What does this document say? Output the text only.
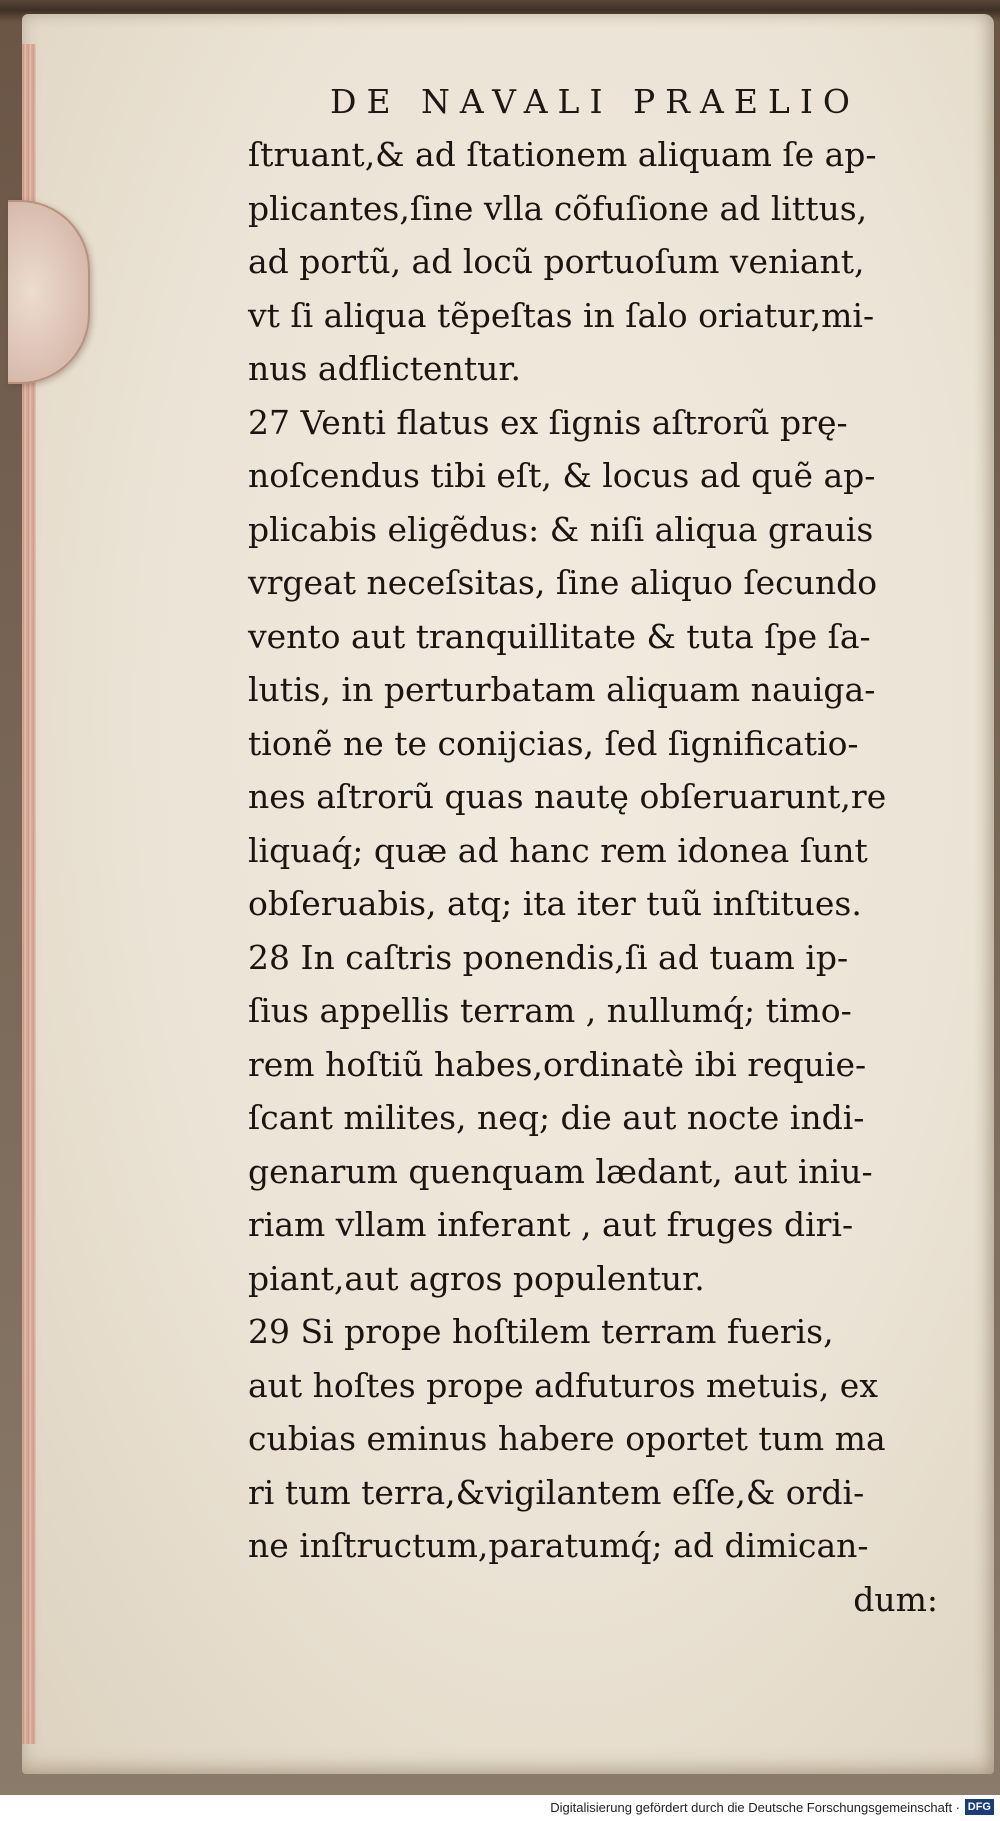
DE NAVALI PRAELIO
ſtruant,& ad ſtationem aliquam ſe ap-
plicantes,ſine vlla cõfuſione ad littus,
ad portũ, ad locũ portuoſum veniant,
vt ſi aliqua tẽpeſtas in ſalo oriatur,mi-
nus adflictentur.
27 Venti flatus ex ſignis aſtrorũ prę-
noſcendus tibi eſt, & locus ad quẽ ap-
plicabis eligẽdus: & niſi aliqua grauis
vrgeat neceſsitas, ſine aliquo ſecundo
vento aut tranquillitate & tuta ſpe ſa-
lutis, in perturbatam aliquam nauiga-
tionẽ ne te conijcias, ſed ſignificatio-
nes aſtrorũ quas nautę obſeruarunt,re
liquaq́; quæ ad hanc rem idonea ſunt
obſeruabis, atq; ita iter tuũ inſtitues.
28 In caſtris ponendis,ſi ad tuam ip-
ſius appellis terram , nullumq́; timo-
rem hoſtiũ habes,ordinatè ibi requie-
ſcant milites, neq; die aut nocte indi-
genarum quenquam lædant, aut iniu-
riam vllam inferant , aut fruges diri-
piant,aut agros populentur.
29 Si prope hoſtilem terram fueris,
aut hoſtes prope adfuturos metuis, ex
cubias eminus habere oportet tum ma
ri tum terra,&vigilantem eſſe,& ordi-
ne inſtructum,paratumq́; ad dimican-
dum:
Digitalisierung gefördert durch die Deutsche Forschungsgemeinschaft · DFG
